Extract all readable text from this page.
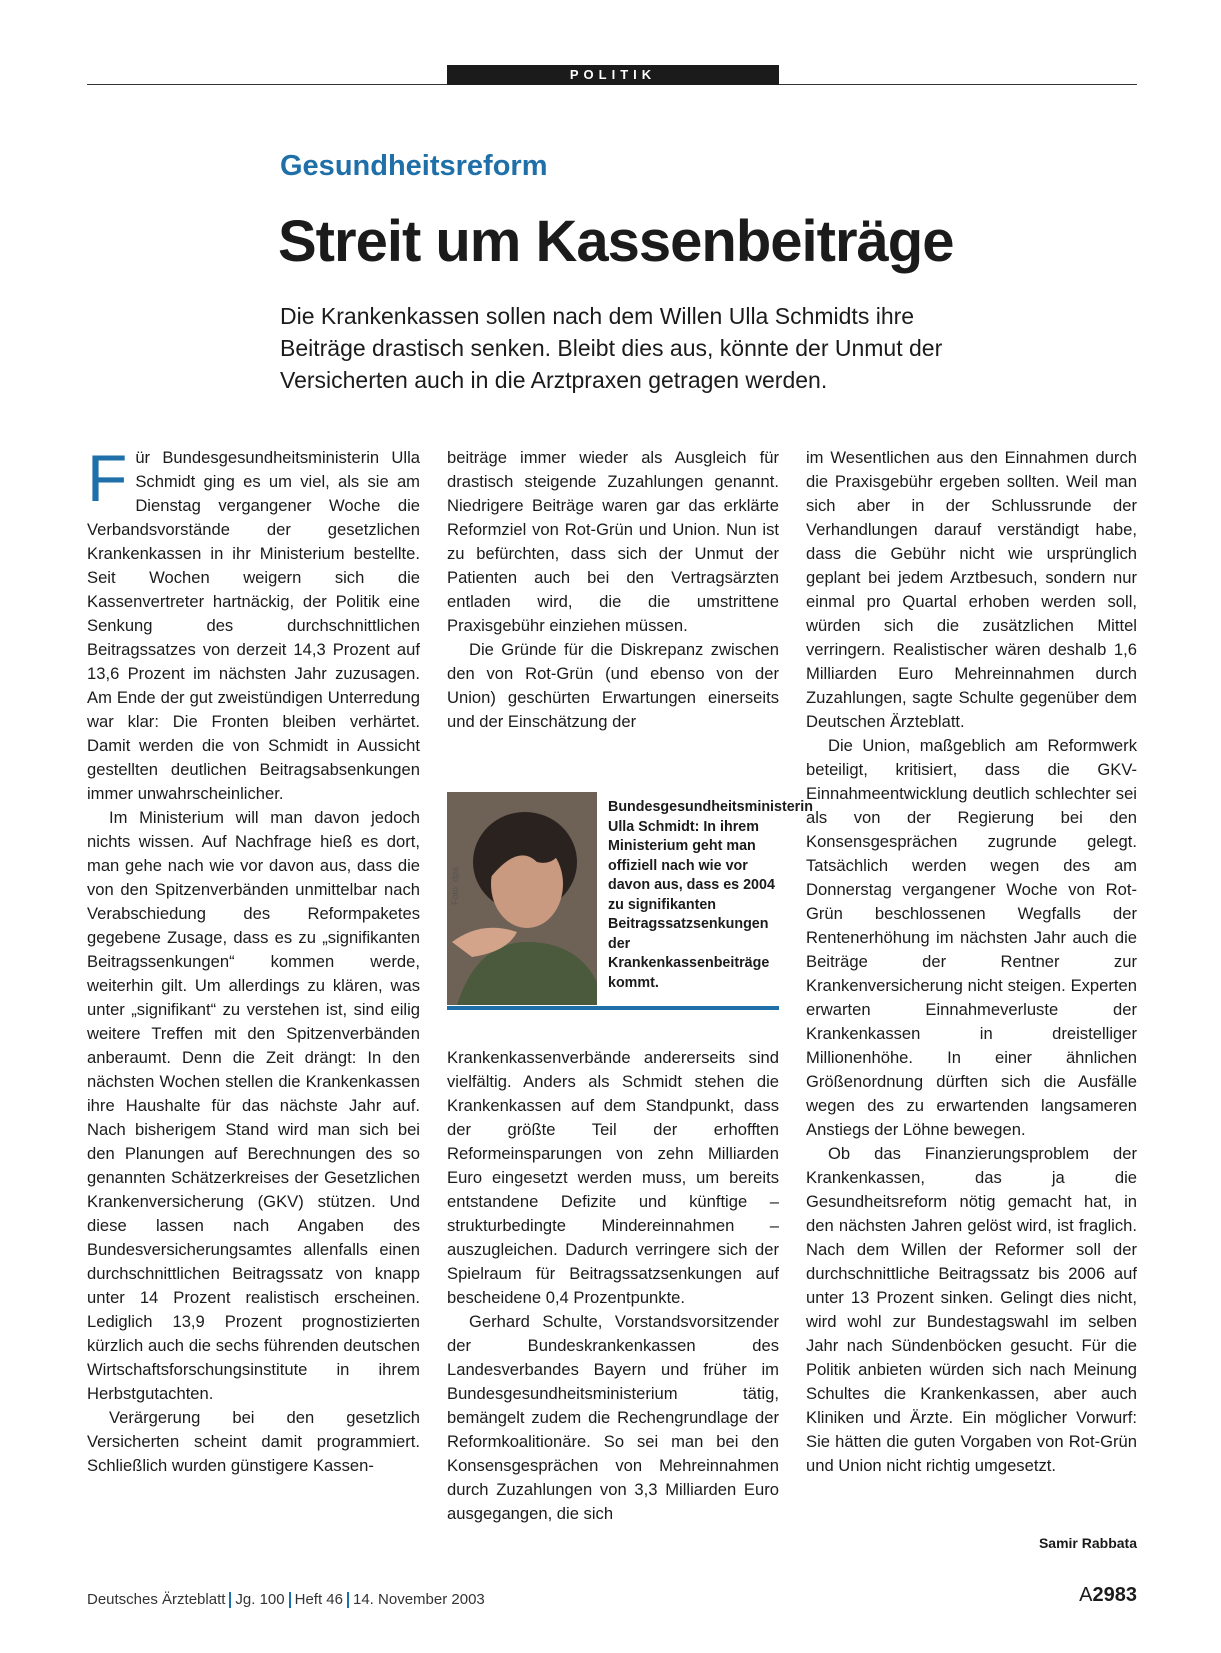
POLITIK
Gesundheitsreform
Streit um Kassenbeiträge
Die Krankenkassen sollen nach dem Willen Ulla Schmidts ihre Beiträge drastisch senken. Bleibt dies aus, könnte der Unmut der Versicherten auch in die Arztpraxen getragen werden.

Für Bundesgesundheitsministerin Ulla Schmidt ging es um viel, als sie am Dienstag vergangener Woche die Verbandsvorstände der gesetzlichen Krankenkassen in ihr Ministerium bestellte. Seit Wochen weigern sich die Kassenvertreter hartnäckig, der Politik eine Senkung des durchschnittlichen Beitragssatzes von derzeit 14,3 Prozent auf 13,6 Prozent im nächsten Jahr zuzusagen. Am Ende der gut zweistündigen Unterredung war klar: Die Fronten bleiben verhärtet. Damit werden die von Schmidt in Aussicht gestellten deutlichen Beitragsabsenkungen immer unwahrscheinlicher.

Im Ministerium will man davon jedoch nichts wissen. Auf Nachfrage hieß es dort, man gehe nach wie vor davon aus, dass die von den Spitzenverbänden unmittelbar nach Verabschiedung des Reformpaketes gegebene Zusage, dass es zu „signifikanten Beitragssenkungen“ kommen werde, weiterhin gilt. Um allerdings zu klären, was unter „signifikant“ zu verstehen ist, sind eilig weitere Treffen mit den Spitzenverbänden anberaumt. Denn die Zeit drängt: In den nächsten Wochen stellen die Krankenkassen ihre Haushalte für das nächste Jahr auf. Nach bisherigem Stand wird man sich bei den Planungen auf Berechnungen des so genannten Schätzerkreises der Gesetzlichen Krankenversicherung (GKV) stützen. Und diese lassen nach Angaben des Bundesversicherungsamtes allenfalls einen durchschnittlichen Beitragssatz von knapp unter 14 Prozent realistisch erscheinen. Lediglich 13,9 Prozent prognostizierten kürzlich auch die sechs führenden deutschen Wirtschaftsforschungsinstitute in ihrem Herbstgutachten.

Verärgerung bei den gesetzlich Versicherten scheint damit programmiert. Schließlich wurden günstigere Kassen-

beiträge immer wieder als Ausgleich für drastisch steigende Zuzahlungen genannt. Niedrigere Beiträge waren gar das erklärte Reformziel von Rot-Grün und Union. Nun ist zu befürchten, dass sich der Unmut der Patienten auch bei den Vertragsärzten entladen wird, die die umstrittene Praxisgebühr einziehen müssen.

Die Gründe für die Diskrepanz zwischen den von Rot-Grün (und ebenso von der Union) geschürten Erwartungen einerseits und der Einschätzung der

Foto: dpa
Bundesgesundheitsministerin Ulla Schmidt: In ihrem Ministerium geht man offiziell nach wie vor davon aus, dass es 2004 zu signifikanten Beitragssatzsenkungen der Krankenkassenbeiträge kommt.

Krankenkassenverbände andererseits sind vielfältig. Anders als Schmidt stehen die Krankenkassen auf dem Standpunkt, dass der größte Teil der erhofften Reformeinsparungen von zehn Milliarden Euro eingesetzt werden muss, um bereits entstandene Defizite und künftige – strukturbedingte Mindereinnahmen – auszugleichen. Dadurch verringere sich der Spielraum für Beitragssatzsenkungen auf bescheidene 0,4 Prozentpunkte.

Gerhard Schulte, Vorstandsvorsitzender der Bundeskrankenkassen des Landesverbandes Bayern und früher im Bundesgesundheitsministerium tätig, bemängelt zudem die Rechengrundlage der Reformkoalitionäre. So sei man bei den Konsensgesprächen von Mehreinnahmen durch Zuzahlungen von 3,3 Milliarden Euro ausgegangen, die sich

im Wesentlichen aus den Einnahmen durch die Praxisgebühr ergeben sollten. Weil man sich aber in der Schlussrunde der Verhandlungen darauf verständigt habe, dass die Gebühr nicht wie ursprünglich geplant bei jedem Arztbesuch, sondern nur einmal pro Quartal erhoben werden soll, würden sich die zusätzlichen Mittel verringern. Realistischer wären deshalb 1,6 Milliarden Euro Mehreinnahmen durch Zuzahlungen, sagte Schulte gegenüber dem Deutschen Ärzteblatt.

Die Union, maßgeblich am Reformwerk beteiligt, kritisiert, dass die GKV-Einnahmeentwicklung deutlich schlechter sei als von der Regierung bei den Konsensgesprächen zugrunde gelegt. Tatsächlich werden wegen des am Donnerstag vergangener Woche von Rot-Grün beschlossenen Wegfalls der Rentenerhöhung im nächsten Jahr auch die Beiträge der Rentner zur Krankenversicherung nicht steigen. Experten erwarten Einnahmeverluste der Krankenkassen in dreistelliger Millionenhöhe. In einer ähnlichen Größenordnung dürften sich die Ausfälle wegen des zu erwartenden langsameren Anstiegs der Löhne bewegen.

Ob das Finanzierungsproblem der Krankenkassen, das ja die Gesundheitsreform nötig gemacht hat, in den nächsten Jahren gelöst wird, ist fraglich. Nach dem Willen der Reformer soll der durchschnittliche Beitragssatz bis 2006 auf unter 13 Prozent sinken. Gelingt dies nicht, wird wohl zur Bundestagswahl im selben Jahr nach Sündenböcken gesucht. Für die Politik anbieten würden sich nach Meinung Schultes die Krankenkassen, aber auch Kliniken und Ärzte. Ein möglicher Vorwurf: Sie hätten die guten Vorgaben von Rot-Grün und Union nicht richtig umgesetzt.

Samir Rabbata
Deutsches Ärzteblatt Jg. 100 Heft 46 14. November 2003	A2983
